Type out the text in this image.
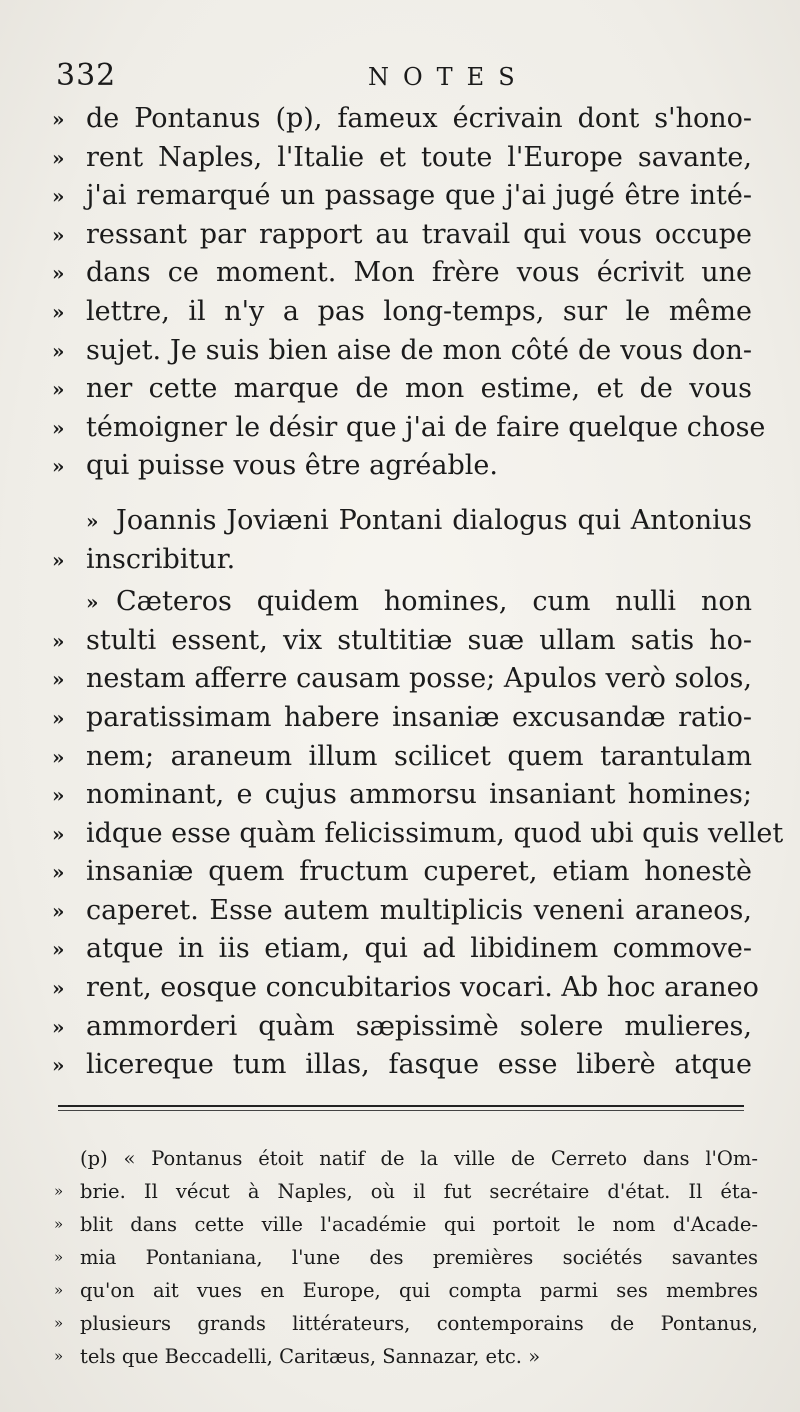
332	NOTES
» de Pontanus (p), fameux écrivain dont s'hono-
» rent Naples, l'Italie et toute l'Europe savante,
» j'ai remarqué un passage que j'ai jugé être inté-
» ressant par rapport au travail qui vous occupe
» dans ce moment. Mon frère vous écrivit une
» lettre, il n'y a pas long-temps, sur le même
» sujet. Je suis bien aise de mon côté de vous don-
» ner cette marque de mon estime, et de vous
» témoigner le désir que j'ai de faire quelque chose
» qui puisse vous être agréable.
» Joannis Joviæni Pontani dialogus qui Antonius
» inscribitur.
» Cæteros quidem homines, cum nulli non
» stulti essent, vix stultitiæ suæ ullam satis ho-
» nestam afferre causam posse; Apulos verò solos,
» paratissimam habere insaniæ excusandæ ratio-
» nem; araneum illum scilicet quem tarantulam
» nominant, e cujus ammorsu insaniant homines;
» idque esse quàm felicissimum, quod ubi quis vellet
» insaniæ quem fructum cuperet, etiam honestè
» caperet. Esse autem multiplicis veneni araneos,
» atque in iis etiam, qui ad libidinem commove-
» rent, eosque concubitarios vocari. Ab hoc araneo
» ammorderi quàm sæpissimè solere mulieres,
» licereque tum illas, fasque esse liberè atque
(p) « Pontanus étoit natif de la ville de Cerreto dans l'Om-
» brie. Il vécut à Naples, où il fut secrétaire d'état. Il éta-
» blit dans cette ville l'académie qui portoit le nom d'Acade-
» mia Pontaniana, l'une des premières sociétés savantes
» qu'on ait vues en Europe, qui compta parmi ses membres
» plusieurs grands littérateurs, contemporains de Pontanus,
» tels que Beccadelli, Caritæus, Sannazar, etc. »
